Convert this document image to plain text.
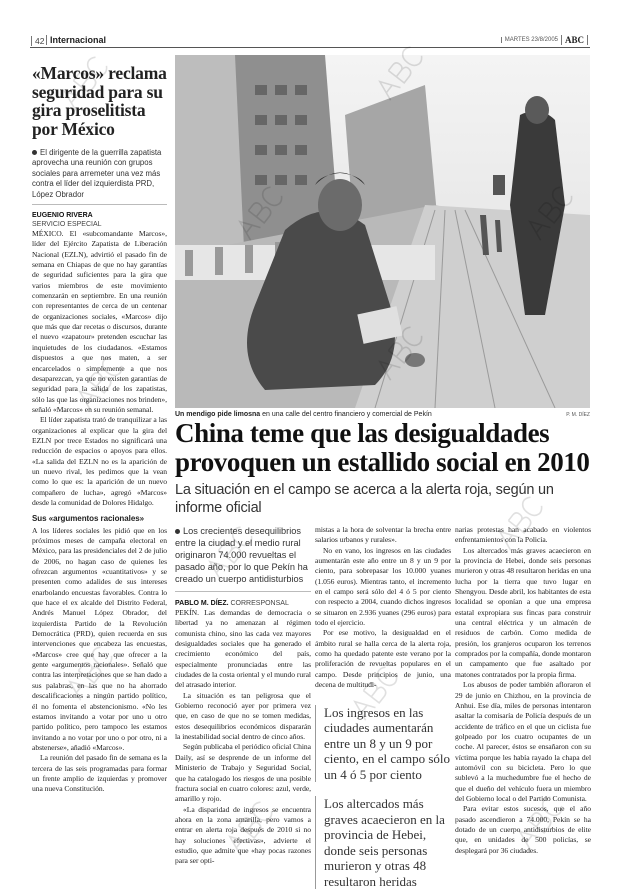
42 Internacional	MARTES 23/8/2005 ABC
«Marcos» reclama seguridad para su gira proselitista por México
El dirigente de la guerrilla zapatista aprovecha una reunión con grupos sociales para arremeter una vez más contra el líder del izquierdista PRD, López Obrador
EUGENIO RIVERA
SERVICIO ESPECIAL

MÉXICO. El «subcomandante Marcos», líder del Ejército Zapatista de Liberación Nacional (EZLN), advirtió el pasado fin de semana en Chiapas de que no hay garantías de seguridad suficientes para la gira que varios miembros de este movimiento comenzarán en septiembre. En una reunión con representantes de cerca de un centenar de organizaciones sociales, «Marcos» dijo que más que dar recetas o discursos, durante el nuevo «zapatour» pretenden escuchar las inquietudes de los ciudadanos. «Estamos dispuestos a que nos maten, a ser encarcelados o simplemente a que nos desaparezcan, ya que no existen garantías de seguridad para la salida de los zapatistas, sólo las que las organizaciones nos brinden», señaló «Marcos» en su reunión semanal.

El líder zapatista trató de tranquilizar a las organizaciones al explicar que la gira del EZLN por trece Estados no significará una reducción de espacios o apoyos para ellos. «La salida del EZLN no es la aparición de un nuevo rival, les pedimos que la vean como lo que es: la aparición de un nuevo compañero de lucha», agregó «Marcos» desde la comunidad de Dolores Hidalgo.

Sus «argumentos racionales»

A los líderes sociales les pidió que en los próximos meses de campaña electoral en México, para las presidenciales del 2 de julio de 2006, no hagan caso de quienes les ofrezcan argumentos «cuantitativos» y se presenten como adalides de sus intereses enarbolando encuestas favorables. Contra lo que hace el ex alcalde del Distrito Federal, Andrés Manuel López Obrador, del izquierdista Partido de la Revolución Democrática (PRD), quien recuerda en sus intervenciones que encabeza las encuestas, «Marcos» cree que hay que ofrecer a la gente «argumentos racionales». Señaló que contra las interpretaciones que se han dado a sus palabras, en las que no ha ahorrado descalificaciones a ningún partido político, él no fomenta el abstencionismo. «No les estamos invitando a votar por uno u otro partido político, pero tampoco les estamos invitando a no votar por uno o por otro, ni a abstenerse», añadió «Marcos».

La reunión del pasado fin de semana es la tercera de las seis programadas para formar un frente amplio de izquierdas y promover una nueva Constitución.

Un mendigo pide limosna en una calle del centro financiero y comercial de Pekín	P. M. DÍEZ
China teme que las desigualdades provoquen un estallido social en 2010
La situación en el campo se acerca a la alerta roja, según un informe oficial
Los crecientes desequilibrios entre la ciudad y el medio rural originaron 74.000 revueltas el pasado año, por lo que Pekín ha creado un cuerpo antidisturbios
PABLO M. DÍEZ. CORRESPONSAL

PEKÍN. Las demandas de democracia o libertad ya no amenazan al régimen comunista chino, sino las cada vez mayores desigualdades sociales que ha generado el crecimiento económico del país, especialmente pronunciadas entre las ciudades de la costa oriental y el mundo rural del atrasado interior.

La situación es tan peligrosa que el Gobierno reconoció ayer por primera vez que, en caso de que no se tomen medidas, estos desequilibrios económicos dispararán la inestabilidad social dentro de cinco años.

Según publicaba el periódico oficial China Daily, así se desprende de un informe del Ministerio de Trabajo y Seguridad Social, que ha catalogado los riesgos de una posible fractura social en cuatro colores: azul, verde, amarillo y rojo.

«La disparidad de ingresos se encuentra ahora en la zona amarilla, pero vamos a entrar en alerta roja después de 2010 si no hay soluciones efectivas», advierte el estudio, que admite que «hay pocas razones para ser opti-

mistas a la hora de solventar la brecha entre salarios urbanos y rurales».

No en vano, los ingresos en las ciudades aumentarán este año entre un 8 y un 9 por ciento, para sobrepasar los 10.000 yuanes (1.056 euros). Mientras tanto, el incremento en el campo será sólo del 4 ó 5 por ciento con respecto a 2004, cuando dichos ingresos se situaron en 2.936 yuanes (296 euros) para todo el ejercicio.

Por ese motivo, la desigualdad en el ámbito rural se halla cerca de la alerta roja, como ha quedado patente este verano por la proliferación de revueltas populares en el campo. Desde principios de junio, una decena de multitudi-

Los ingresos en las ciudades aumentarán entre un 8 y un 9 por ciento, en el campo sólo un 4 ó 5 por ciento
Los altercados más graves acaecieron en la provincia de Hebei, donde seis personas murieron y otras 48 resultaron heridas

narias protestas han acabado en violentos enfrentamientos con la Policía.

Los altercados más graves acaecieron en la provincia de Hebei, donde seis personas murieron y otras 48 resultaron heridas en una lucha por la tierra que tuvo lugar en Shengyou. Desde abril, los habitantes de esta localidad se oponían a que una empresa estatal expropiara sus fincas para construir una central eléctrica y un almacén de residuos de carbón. Como medida de presión, los granjeros ocuparon los terrenos comprados por la compañía, donde montaron un campamento que fue asaltado por matones contratados por la propia firma.

Los abusos de poder también afloraron el 29 de junio en Chizhou, en la provincia de Anhui. Ese día, miles de personas intentaron asaltar la comisaría de Policía después de un accidente de tráfico en el que un ciclista fue golpeado por los cuatro ocupantes de un coche. Al parecer, éstos se ensañaron con su víctima porque les había rayado la chapa del automóvil con su bicicleta. Pero lo que sublevó a la muchedumbre fue el hecho de que el dueño del vehículo fuera un miembro del Gobierno local o del Partido Comunista.

Para evitar estos sucesos, que el año pasado ascendieron a 74.000, Pekín se ha dotado de un cuerpo antidisturbios de elite que, en unidades de 500 policías, se desplegará por 36 ciudades.
